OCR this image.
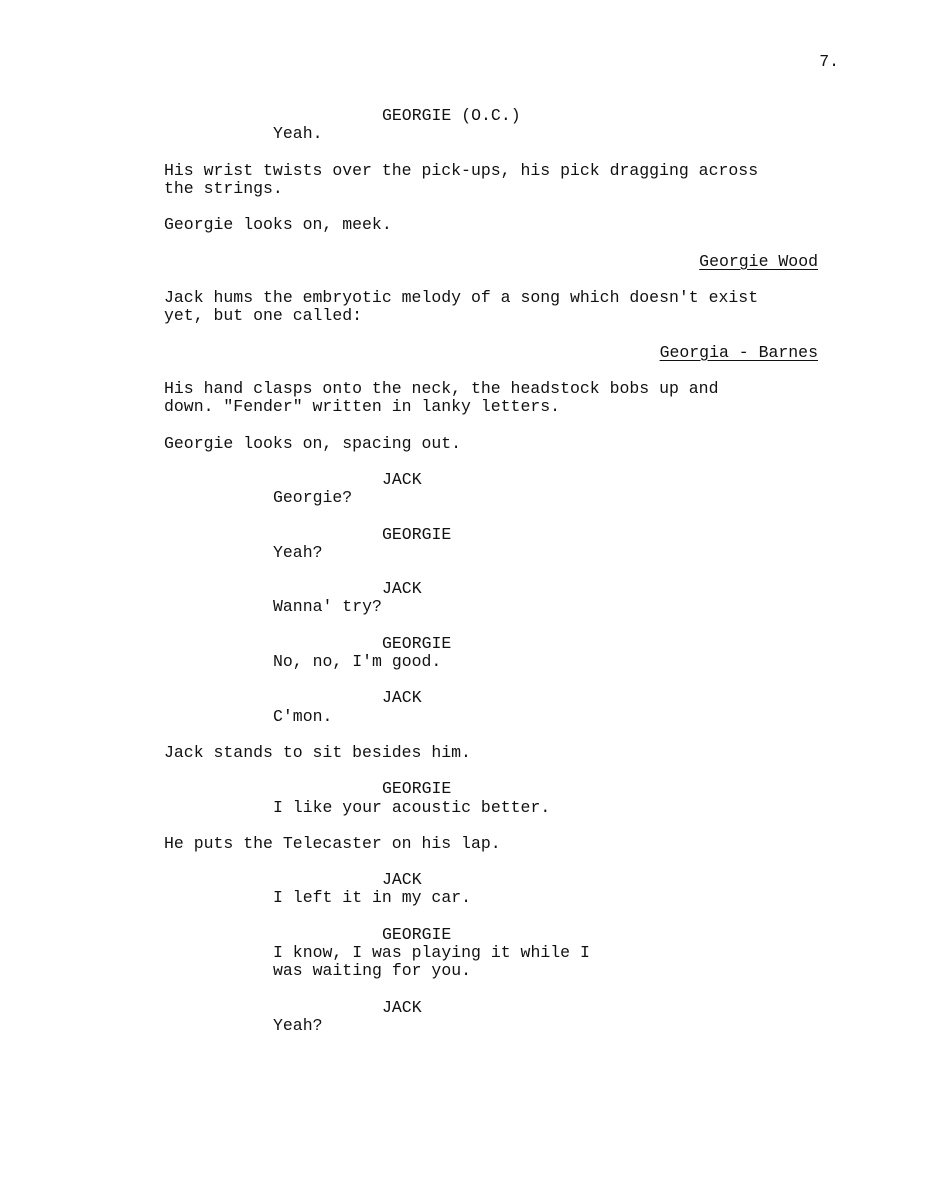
7.
GEORGIE (O.C.)
Yeah.
His wrist twists over the pick-ups, his pick dragging across
the strings.
Georgie looks on, meek.
Georgie Wood
Jack hums the embryotic melody of a song which doesn't exist
yet, but one called:
Georgia - Barnes
His hand clasps onto the neck, the headstock bobs up and
down. "Fender" written in lanky letters.
Georgie looks on, spacing out.
JACK
Georgie?
GEORGIE
Yeah?
JACK
Wanna' try?
GEORGIE
No, no, I'm good.
JACK
C'mon.
Jack stands to sit besides him.
GEORGIE
I like your acoustic better.
He puts the Telecaster on his lap.
JACK
I left it in my car.
GEORGIE
I know, I was playing it while I
was waiting for you.
JACK
Yeah?
